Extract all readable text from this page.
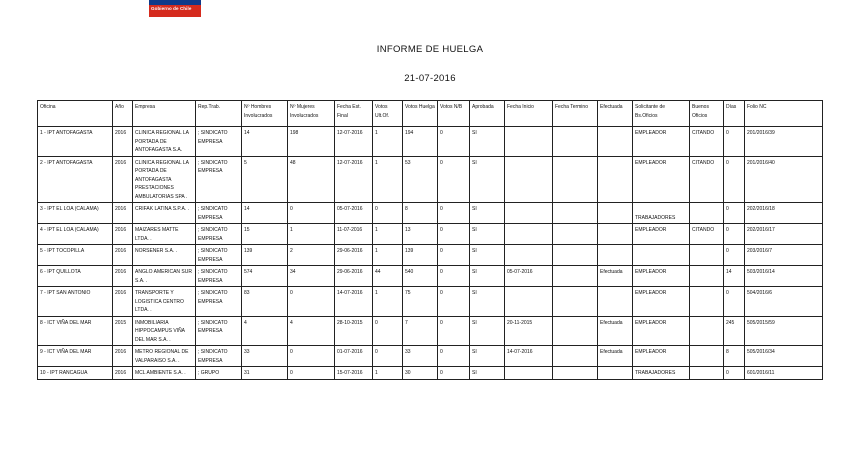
Gobierno de Chile
INFORME DE HUELGA
21-07-2016
Oficina	Año	Empresa	Rep.Trab.	Nº Hombres Involucrados	Nº Mujeres Involucrados	Fecha Est. Final	Votos Ult.Of.	Votos Huelga	Votos N/B	Aprobada	Fecha Inicio	Fecha Termino	Efectuada	Solicitante de Bs.Oficios	Buenos Oficios	Días	Folio NC
1 - IPT ANTOFAGASTA	2016	CLINICA REGIONAL LA PORTADA DE ANTOFAGASTA S.A.	; SINDICATO EMPRESA	14	198	12-07-2016	1	194	0	SI				EMPLEADOR	CITANDO	0	201/2016/39
2 - IPT ANTOFAGASTA	2016	CLINICA REGIONAL LA PORTADA DE ANTOFAGASTA PRESTACIONES AMBULATORIAS SPA .	; SINDICATO EMPRESA	5	48	12-07-2016	1	53	0	SI				EMPLEADOR	CITANDO	0	201/2016/40
3 - IPT EL LOA (CALAMA)	2016	CRIFAK LATINA S.P.A. .	; SINDICATO EMPRESA	14	0	05-07-2016	0	8	0	SI				TRABAJADORES		0	202/2016/18
4 - IPT EL LOA (CALAMA)	2016	MAIZARES MATTE LTDA. .	; SINDICATO EMPRESA	15	1	11-07-2016	1	13	0	SI				EMPLEADOR	CITANDO	0	202/2016/17
5 - IPT TOCOPILLA	2016	NORSENER S.A. .	; SINDICATO EMPRESA	139	2	29-06-2016	1	139	0	SI						0	203/2016/7
6 - IPT QUILLOTA	2016	ANGLO AMERICAN SUR S.A. .	; SINDICATO EMPRESA	574	34	29-06-2016	44	540	0	SI	05-07-2016		Efectuada	EMPLEADOR		14	503/2016/14
7 - IPT SAN ANTONIO	2016	TRANSPORTE Y LOGISTICA CENTRO LTDA. .	; SINDICATO EMPRESA	83	0	14-07-2016	1	75	0	SI				EMPLEADOR		0	504/2016/6
8 - ICT VIÑA DEL MAR	2015	INMOBILIARIA HIPPOCAMPUS VIÑA DEL MAR S.A. .	; SINDICATO EMPRESA	4	4	28-10-2015	0	7	0	SI	20-11-2015		Efectuada	EMPLEADOR		245	505/2015/59
9 - ICT VIÑA DEL MAR	2016	METRO REGIONAL DE VALPARAISO S.A. .	; SINDICATO EMPRESA	33	0	01-07-2016	0	33	0	SI	14-07-2016		Efectuada	EMPLEADOR		8	505/2016/34
10 - IPT RANCAGUA	2016	MCL AMBIENTE S.A. .	; GRUPO	31	0	15-07-2016	1	30	0	SI				TRABAJADORES		0	601/2016/11
